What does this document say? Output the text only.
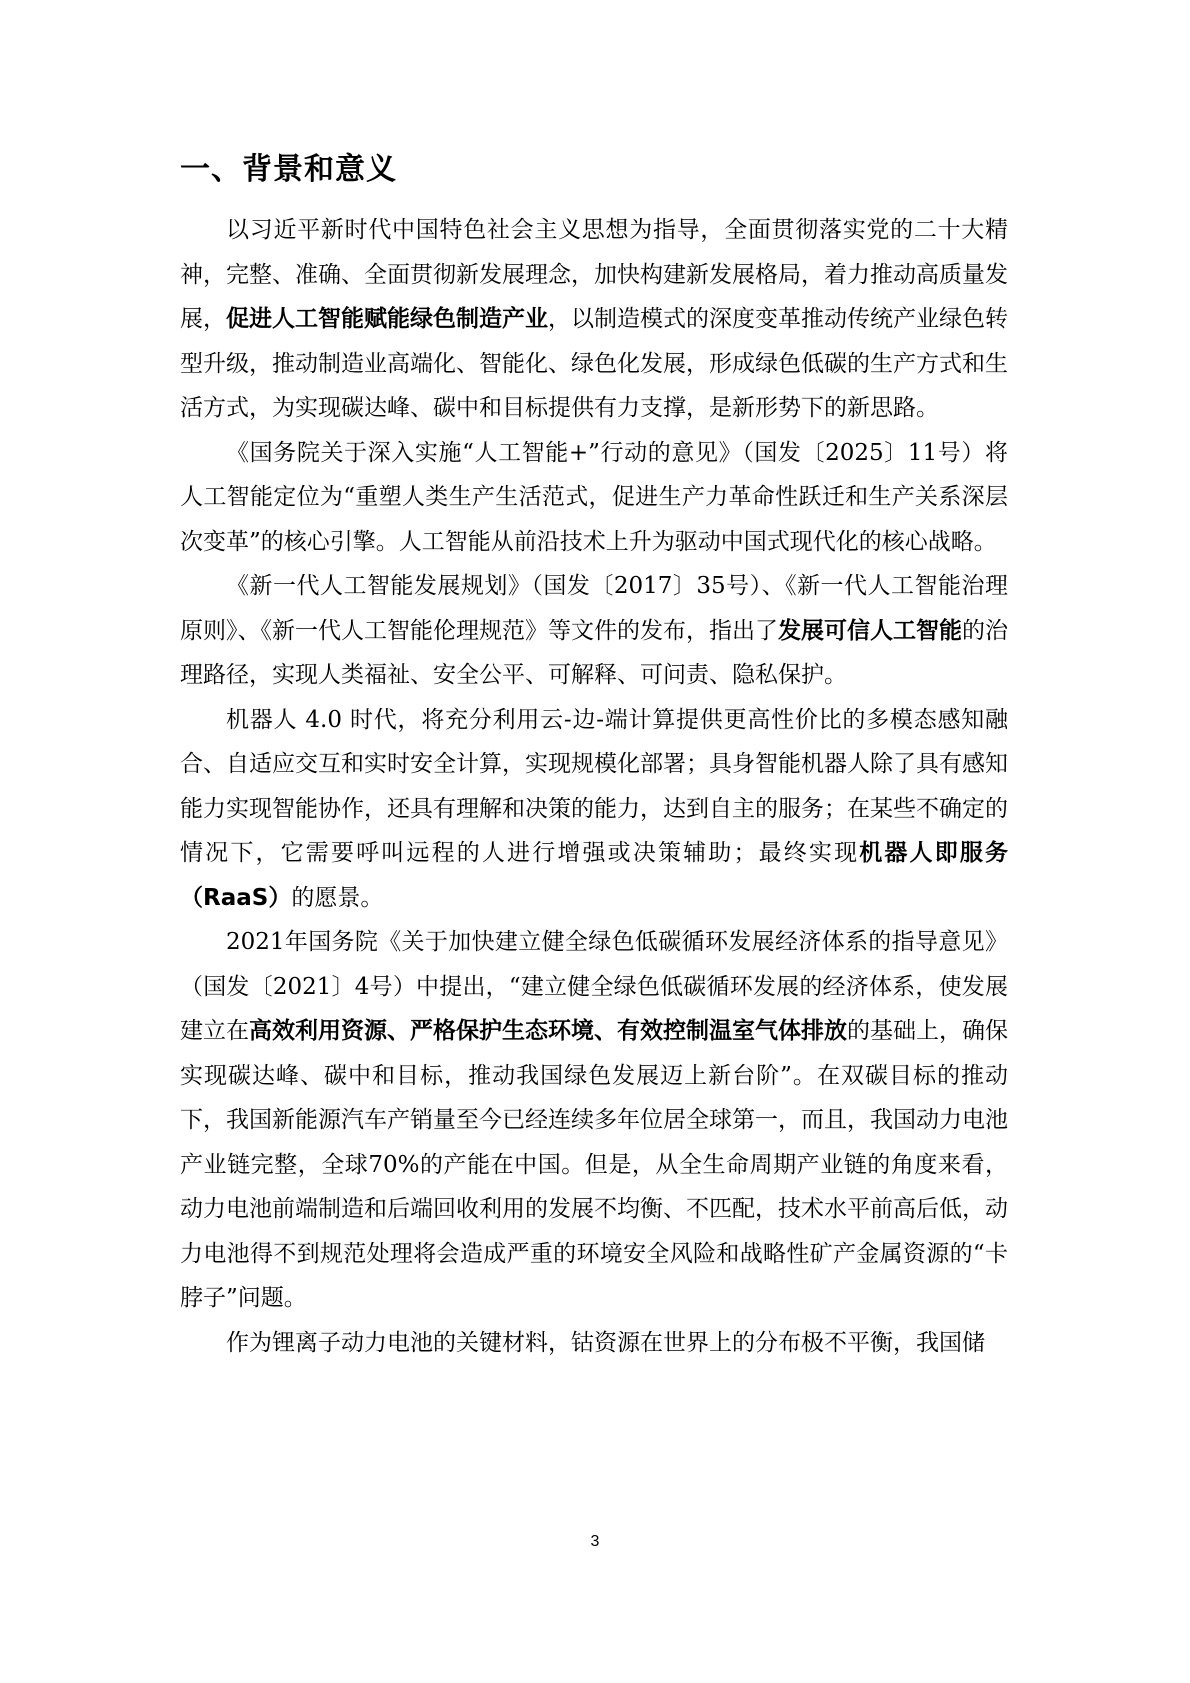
一、背景和意义

以习近平新时代中国特色社会主义思想为指导，全面贯彻落实党的二十大精神，完整、准确、全面贯彻新发展理念，加快构建新发展格局，着力推动高质量发展，促进人工智能赋能绿色制造产业，以制造模式的深度变革推动传统产业绿色转型升级，推动制造业高端化、智能化、绿色化发展，形成绿色低碳的生产方式和生活方式，为实现碳达峰、碳中和目标提供有力支撑，是新形势下的新思路。

《国务院关于深入实施“人工智能+”行动的意见》（国发〔2025〕11号）将人工智能定位为“重塑人类生产生活范式，促进生产力革命性跃迁和生产关系深层次变革”的核心引擎。人工智能从前沿技术上升为驱动中国式现代化的核心战略。

《新一代人工智能发展规划》（国发〔2017〕35号）、《新一代人工智能治理原则》、《新一代人工智能伦理规范》等文件的发布，指出了发展可信人工智能的治理路径，实现人类福祉、安全公平、可解释、可问责、隐私保护。

机器人 4.0 时代，将充分利用云-边-端计算提供更高性价比的多模态感知融合、自适应交互和实时安全计算，实现规模化部署；具身智能机器人除了具有感知能力实现智能协作，还具有理解和决策的能力，达到自主的服务；在某些不确定的情况下，它需要呼叫远程的人进行增强或决策辅助；最终实现机器人即服务（RaaS）的愿景。

2021年国务院《关于加快建立健全绿色低碳循环发展经济体系的指导意见》（国发〔2021〕4号）中提出，“建立健全绿色低碳循环发展的经济体系，使发展建立在高效利用资源、严格保护生态环境、有效控制温室气体排放的基础上，确保实现碳达峰、碳中和目标，推动我国绿色发展迈上新台阶”。在双碳目标的推动下，我国新能源汽车产销量至今已经连续多年位居全球第一，而且，我国动力电池产业链完整，全球70%的产能在中国。但是，从全生命周期产业链的角度来看，动力电池前端制造和后端回收利用的发展不均衡、不匹配，技术水平前高后低，动力电池得不到规范处理将会造成严重的环境安全风险和战略性矿产金属资源的“卡脖子”问题。

作为锂离子动力电池的关键材料，钴资源在世界上的分布极不平衡，我国储

3
